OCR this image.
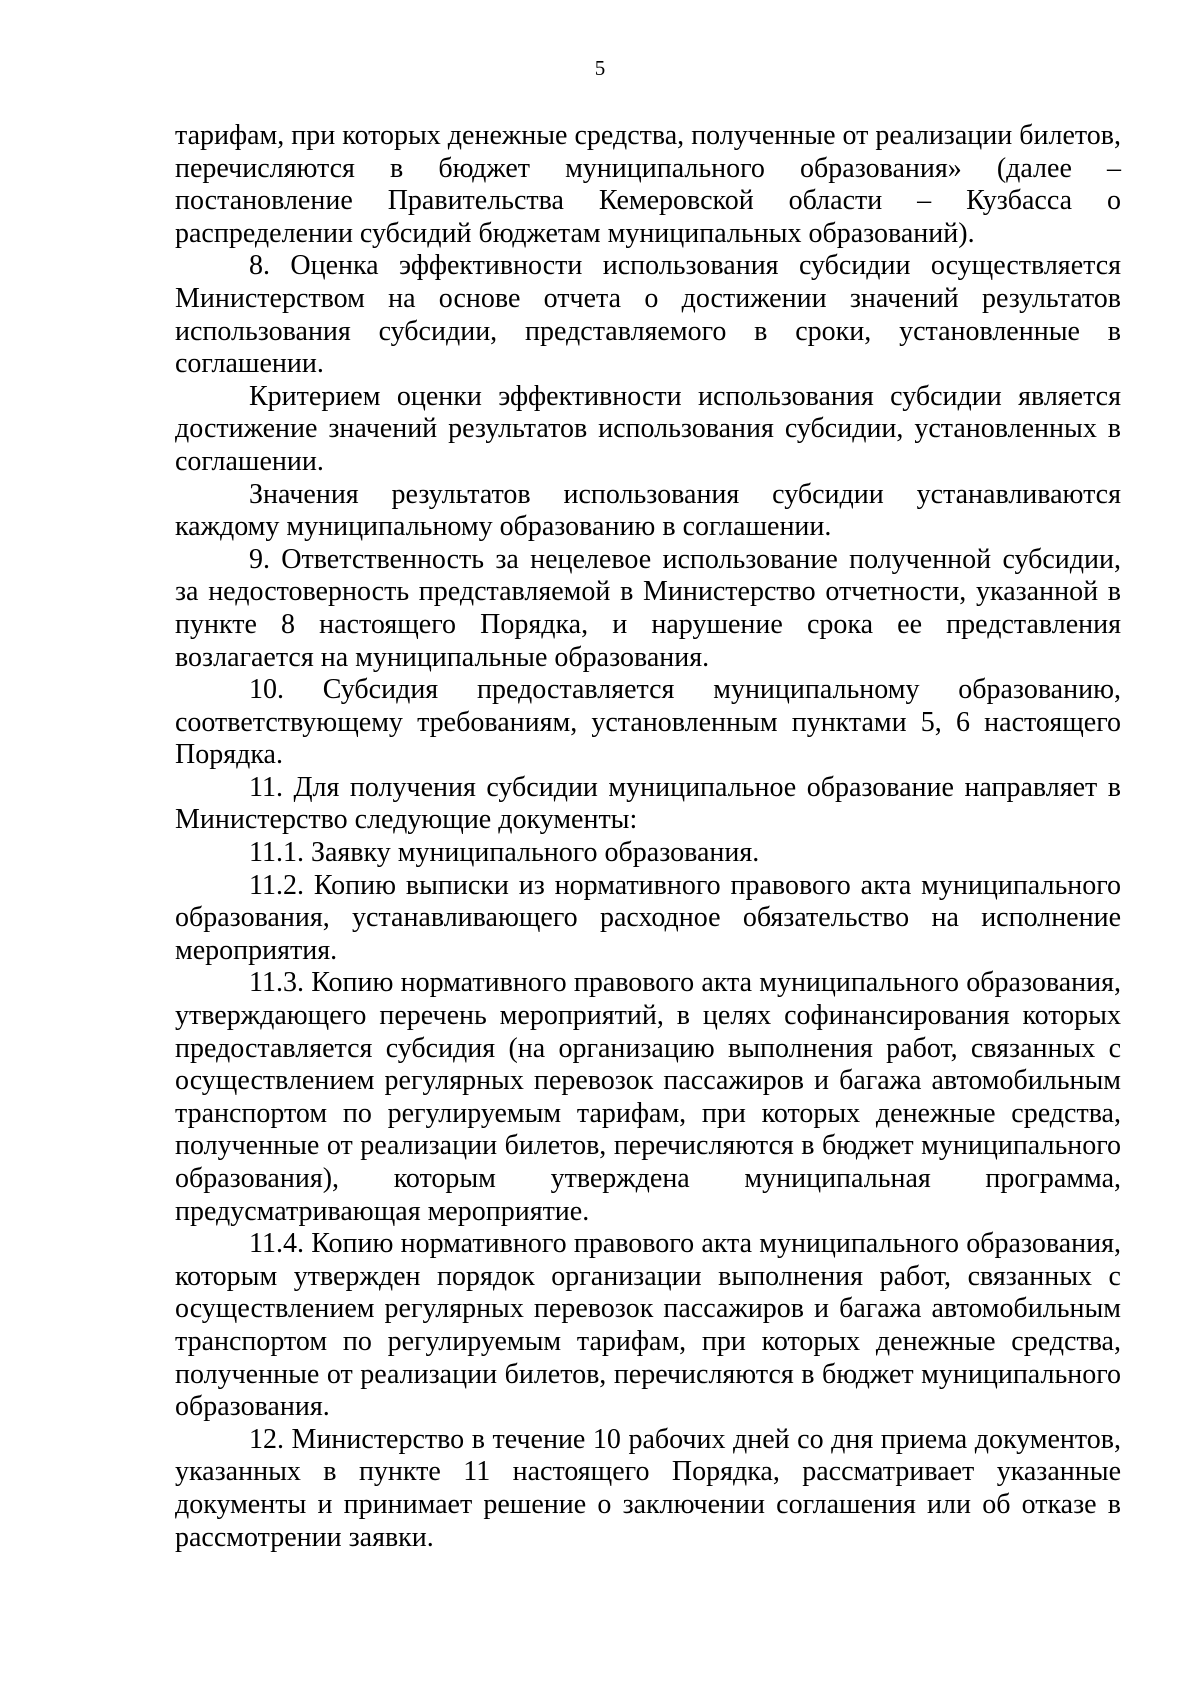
5

тарифам, при которых денежные средства, полученные от реализации билетов, перечисляются в бюджет муниципального образования» (далее – постановление Правительства Кемеровской области – Кузбасса о распределении субсидий бюджетам муниципальных образований).

8. Оценка эффективности использования субсидии осуществляется Министерством на основе отчета о достижении значений результатов использования субсидии, представляемого в сроки, установленные в соглашении.

Критерием оценки эффективности использования субсидии является достижение значений результатов использования субсидии, установленных в соглашении.

Значения результатов использования субсидии устанавливаются каждому муниципальному образованию в соглашении.

9. Ответственность за нецелевое использование полученной субсидии, за недостоверность представляемой в Министерство отчетности, указанной в пункте 8 настоящего Порядка, и нарушение срока ее представления возлагается на муниципальные образования.

10. Субсидия предоставляется муниципальному образованию, соответствующему требованиям, установленным пунктами 5, 6 настоящего Порядка.

11. Для получения субсидии муниципальное образование направляет в Министерство следующие документы:

11.1. Заявку муниципального образования.

11.2. Копию выписки из нормативного правового акта муниципального образования, устанавливающего расходное обязательство на исполнение мероприятия.

11.3. Копию нормативного правового акта муниципального образования, утверждающего перечень мероприятий, в целях софинансирования которых предоставляется субсидия (на организацию выполнения работ, связанных с осуществлением регулярных перевозок пассажиров и багажа автомобильным транспортом по регулируемым тарифам, при которых денежные средства, полученные от реализации билетов, перечисляются в бюджет муниципального образования), которым утверждена муниципальная программа, предусматривающая мероприятие.

11.4. Копию нормативного правового акта муниципального образования, которым утвержден порядок организации выполнения работ, связанных с осуществлением регулярных перевозок пассажиров и багажа автомобильным транспортом по регулируемым тарифам, при которых денежные средства, полученные от реализации билетов, перечисляются в бюджет муниципального образования.

12. Министерство в течение 10 рабочих дней со дня приема документов, указанных в пункте 11 настоящего Порядка, рассматривает указанные документы и принимает решение о заключении соглашения или об отказе в рассмотрении заявки.
